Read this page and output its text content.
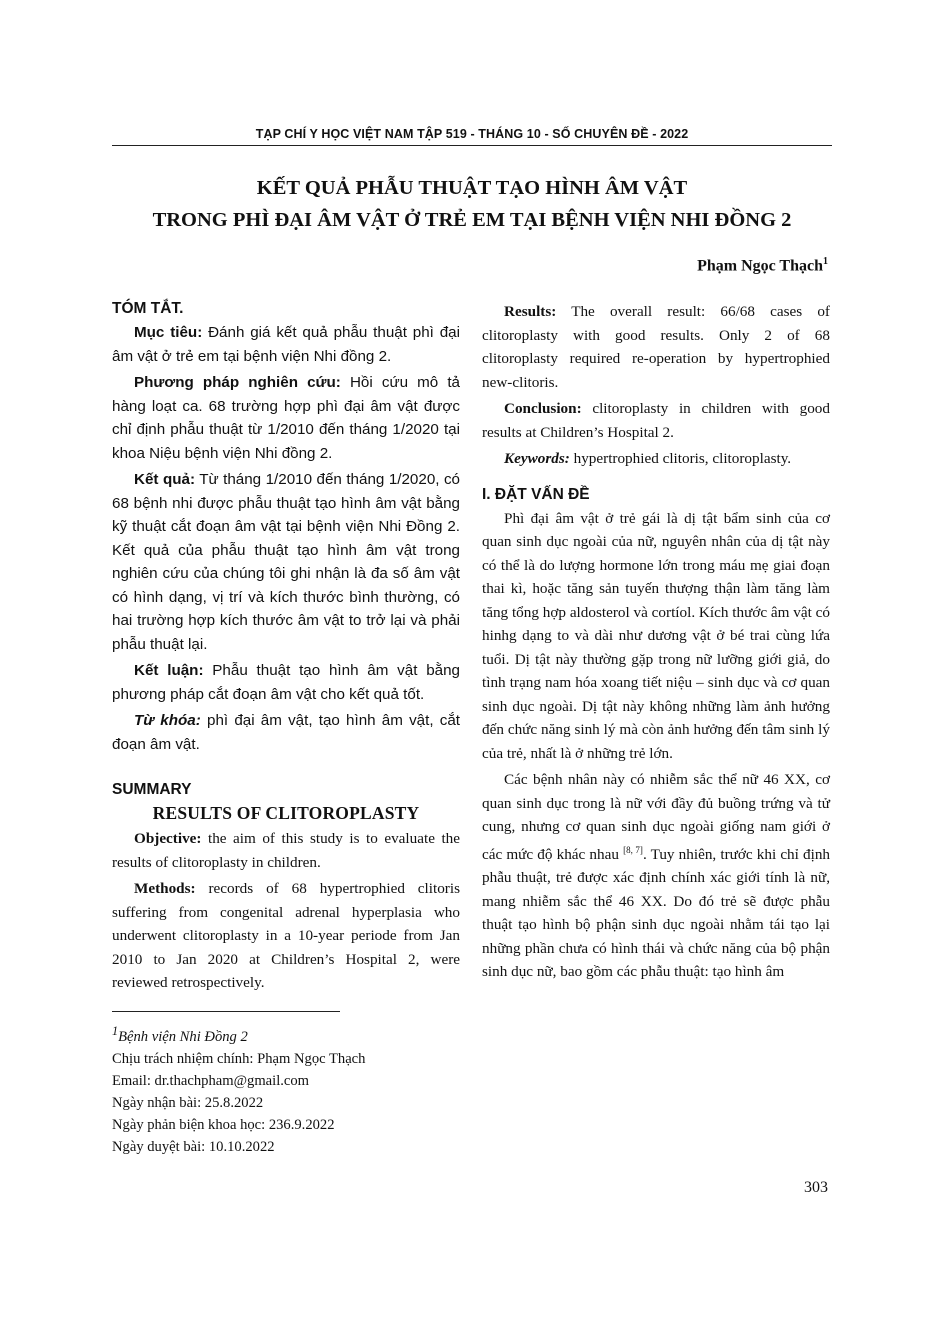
TẠP CHÍ Y HỌC VIỆT NAM TẬP 519 - THÁNG 10 - SỐ CHUYÊN ĐỀ - 2022
KẾT QUẢ PHẪU THUẬT TẠO HÌNH ÂM VẬT
TRONG PHÌ ĐẠI ÂM VẬT Ở TRẺ EM TẠI BỆNH VIỆN NHI ĐỒNG 2
Phạm Ngọc Thạch$^1$
TÓM TẮT.

Mục tiêu: Đánh giá kết quả phẫu thuật phì đại âm vật ở trẻ em tại bệnh viện Nhi đồng 2.

Phương pháp nghiên cứu: Hồi cứu mô tả hàng loạt ca. 68 trường hợp phì đại âm vật được chỉ định phẫu thuật từ 1/2010 đến tháng 1/2020 tại khoa Niệu bệnh viện Nhi đồng 2.

Kết quả: Từ tháng 1/2010 đến tháng 1/2020, có 68 bệnh nhi được phẫu thuật tạo hình âm vật bằng kỹ thuật cắt đoạn âm vật tại bệnh viện Nhi Đồng 2. Kết quả của phẫu thuật tạo hình âm vật trong nghiên cứu của chúng tôi ghi nhận là đa số âm vật có hình dạng, vị trí và kích thước bình thường, có hai trường hợp kích thước âm vật to trở lại và phải phẫu thuật lại.

Kết luận: Phẫu thuật tạo hình âm vật bằng phương pháp cắt đoạn âm vật cho kết quả tốt.

Từ khóa: phì đại âm vật, tạo hình âm vật, cắt đoạn âm vật.

SUMMARY
RESULTS OF CLITOROPLASTY

Objective: the aim of this study is to evaluate the results of clitoroplasty in children.

Methods: records of 68 hypertrophied clitoris suffering from congenital adrenal hyperplasia who underwent clitoroplasty in a 10-year periode from Jan 2010 to Jan 2020 at Children’s Hospital 2, were reviewed retrospectively.

$^1$Bệnh viện Nhi Đồng 2
Chịu trách nhiệm chính: Phạm Ngọc Thạch
Email: dr.thachpham@gmail.com
Ngày nhận bài: 25.8.2022
Ngày phản biện khoa học: 236.9.2022
Ngày duyệt bài: 10.10.2022

Results: The overall result: 66/68 cases of clitoroplasty with good results. Only 2 of 68 clitoroplasty required re-operation by hypertrophied new-clitoris.

Conclusion: clitoroplasty in children with good results at Children’s Hospital 2.

Keywords: hypertrophied clitoris, clitoroplasty.

I. ĐẶT VẤN ĐỀ

Phì đại âm vật ở trẻ gái là dị tật bẩm sinh của cơ quan sinh dục ngoài của nữ, nguyên nhân của dị tật này có thể là do lượng hormone lớn trong máu mẹ giai đoạn thai kì, hoặc tăng sản tuyến thượng thận làm tăng làm tăng tổng hợp aldosterol và cortíol. Kích thước âm vật có hinhg dạng to và dài như dương vật ở bé trai cùng lứa tuổi. Dị tật này thường gặp trong nữ lưỡng giới giả, do tình trạng nam hóa xoang tiết niệu – sinh dục và cơ quan sinh dục ngoài. Dị tật này không những làm ảnh hưởng đến chức năng sinh lý mà còn ảnh hưởng đến tâm sinh lý của trẻ, nhất là ở những trẻ lớn.

Các bệnh nhân này có nhiễm sắc thể nữ 46 XX, cơ quan sinh dục trong là nữ với đầy đủ buồng trứng và tử cung, nhưng cơ quan sinh dục ngoài giống nam giới ở các mức độ khác nhau [8, 7]. Tuy nhiên, trước khi chỉ định phẫu thuật, trẻ được xác định chính xác giới tính là nữ, mang nhiễm sắc thể 46 XX. Do đó trẻ sẽ được phẫu thuật tạo hình bộ phận sinh dục ngoài nhằm tái tạo lại những phần chưa có hình thái và chức năng của bộ phận sinh dục nữ, bao gồm các phẫu thuật: tạo hình âm

303
